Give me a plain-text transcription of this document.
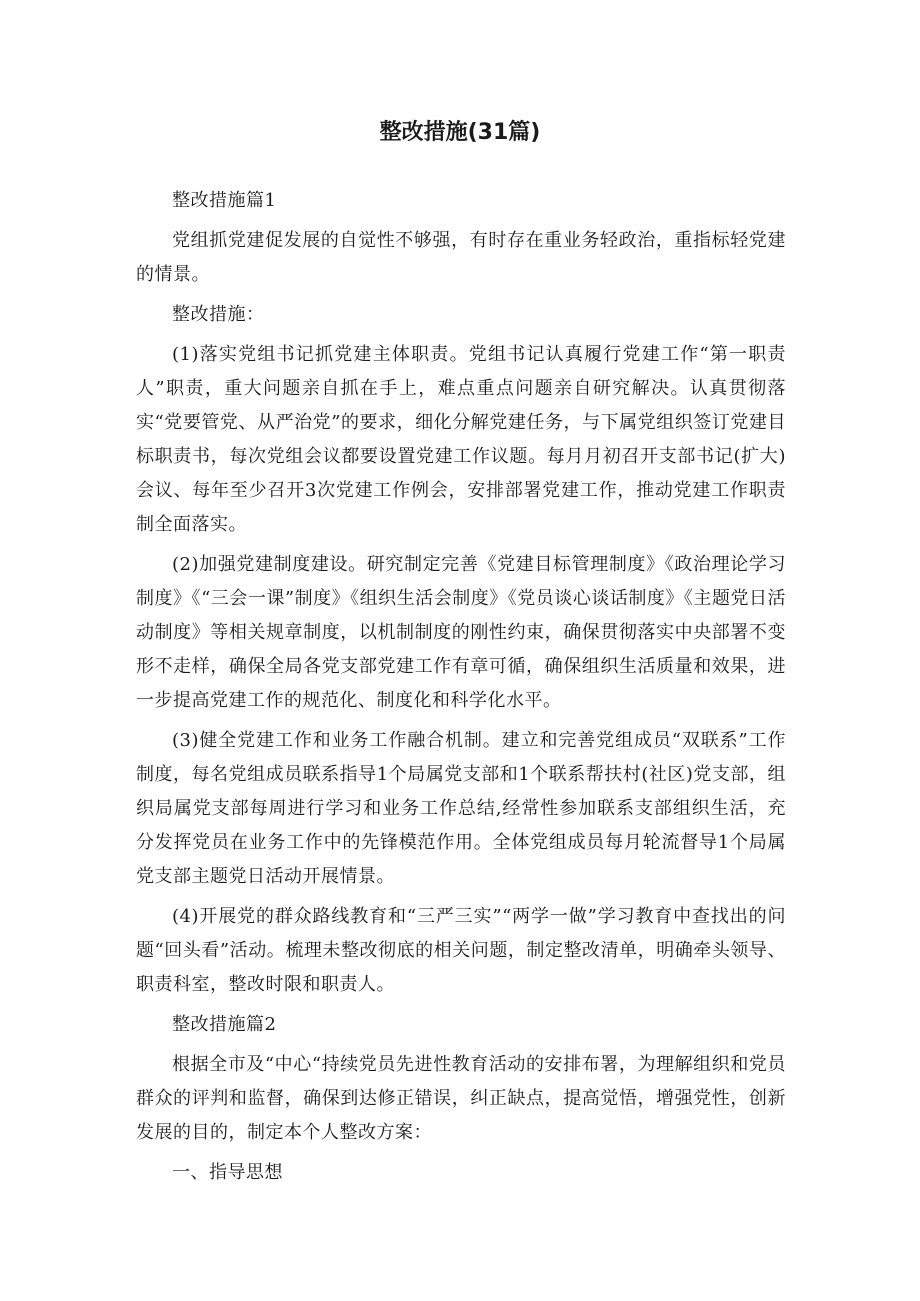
整改措施(31篇)

整改措施篇1

党组抓党建促发展的自觉性不够强，有时存在重业务轻政治，重指标轻党建的情景。

整改措施：

(1)落实党组书记抓党建主体职责。党组书记认真履行党建工作“第一职责人”职责，重大问题亲自抓在手上，难点重点问题亲自研究解决。认真贯彻落实“党要管党、从严治党”的要求，细化分解党建任务，与下属党组织签订党建目标职责书，每次党组会议都要设置党建工作议题。每月月初召开支部书记(扩大)会议、每年至少召开3次党建工作例会，安排部署党建工作，推动党建工作职责制全面落实。

(2)加强党建制度建设。研究制定完善《党建目标管理制度》《政治理论学习制度》《“三会一课”制度》《组织生活会制度》《党员谈心谈话制度》《主题党日活动制度》等相关规章制度，以机制制度的刚性约束，确保贯彻落实中央部署不变形不走样，确保全局各党支部党建工作有章可循，确保组织生活质量和效果，进一步提高党建工作的规范化、制度化和科学化水平。

(3)健全党建工作和业务工作融合机制。建立和完善党组成员“双联系”工作制度，每名党组成员联系指导1个局属党支部和1个联系帮扶村(社区)党支部，组织局属党支部每周进行学习和业务工作总结,经常性参加联系支部组织生活，充分发挥党员在业务工作中的先锋模范作用。全体党组成员每月轮流督导1个局属党支部主题党日活动开展情景。

(4)开展党的群众路线教育和“三严三实”“两学一做”学习教育中查找出的问题“回头看”活动。梳理未整改彻底的相关问题，制定整改清单，明确牵头领导、职责科室，整改时限和职责人。

整改措施篇2

根据全市及“中心“持续党员先进性教育活动的安排布署，为理解组织和党员群众的评判和监督，确保到达修正错误，纠正缺点，提高觉悟，增强党性，创新发展的目的，制定本个人整改方案：

一、指导思想
